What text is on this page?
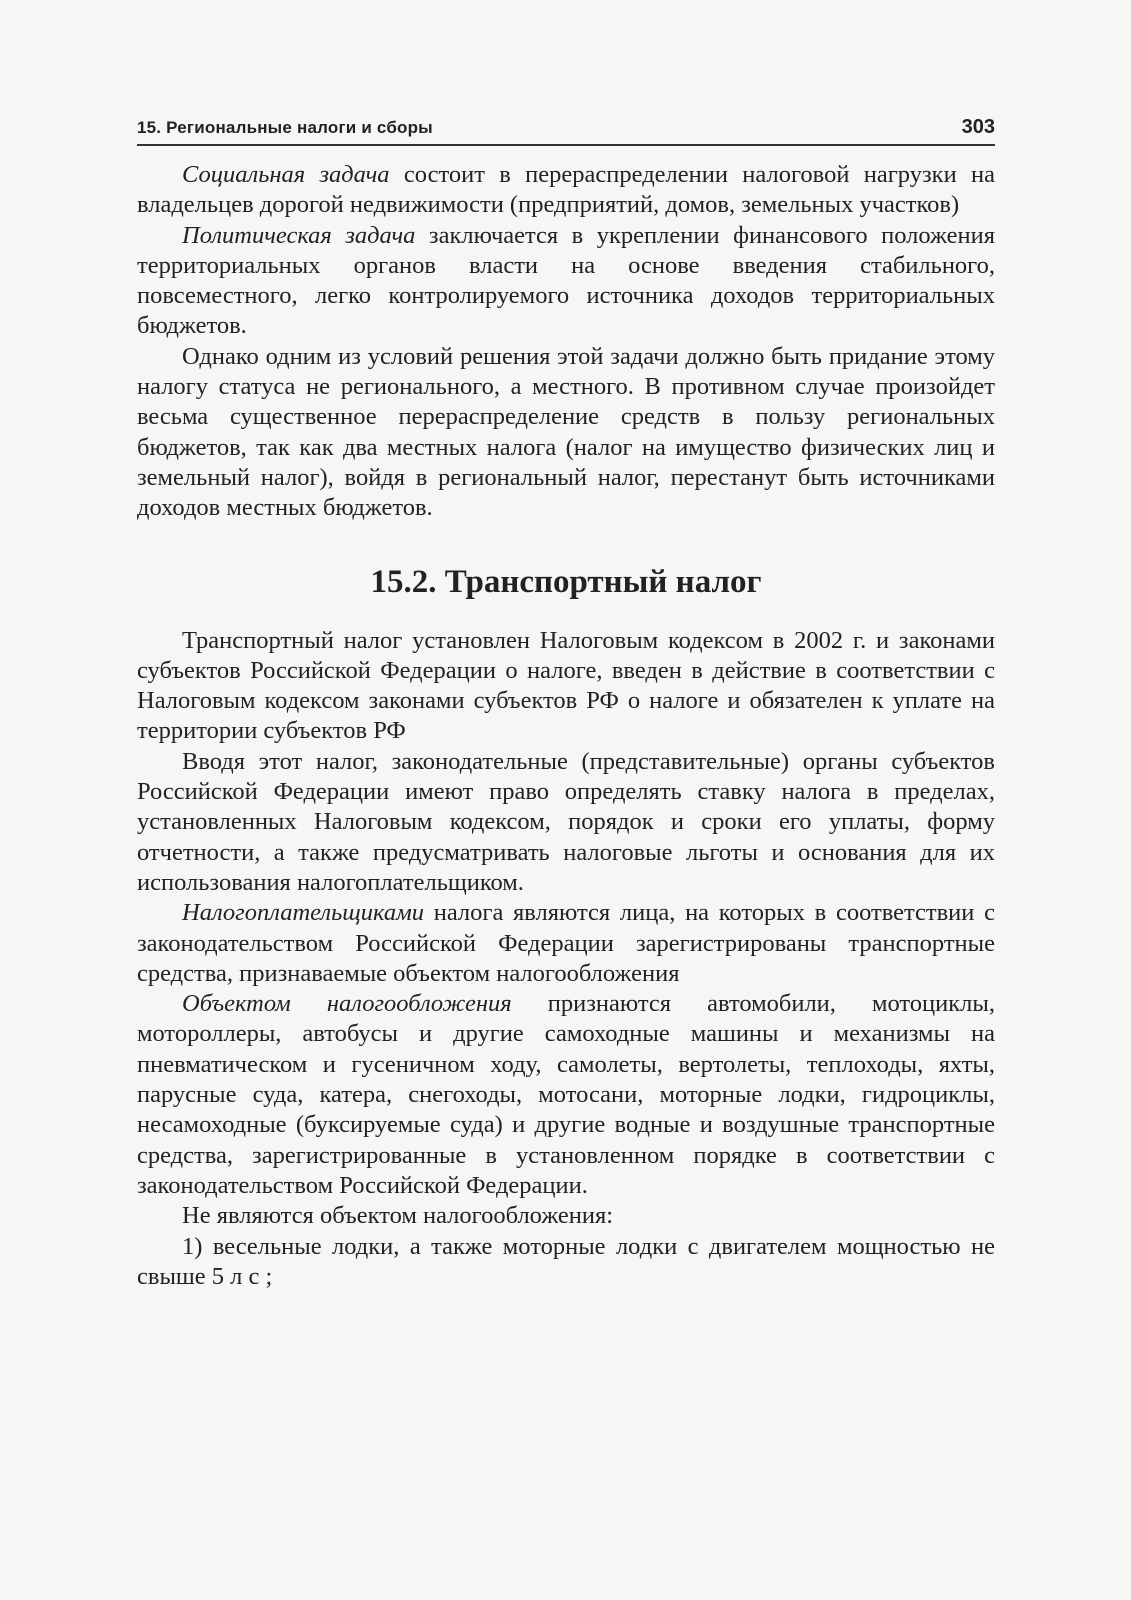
15. Региональные налоги и сборы	303

Социальная задача состоит в перераспределении налоговой нагрузки на владельцев дорогой недвижимости (предприятий, домов, земельных участков)

Политическая задача заключается в укреплении финансового положения территориальных органов власти на основе введения стабильного, повсеместного, легко контролируемого источника доходов территориальных бюджетов.

Однако одним из условий решения этой задачи должно быть придание этому налогу статуса не регионального, а местного. В противном случае произойдет весьма существенное перераспределение средств в пользу региональных бюджетов, так как два местных налога (налог на имущество физических лиц и земельный налог), войдя в региональный налог, перестанут быть источниками доходов местных бюджетов.

15.2. Транспортный налог

Транспортный налог установлен Налоговым кодексом в 2002 г. и законами субъектов Российской Федерации о налоге, введен в действие в соответствии с Налоговым кодексом законами субъектов РФ о налоге и обязателен к уплате на территории субъектов РФ

Вводя этот налог, законодательные (представительные) органы субъектов Российской Федерации имеют право определять ставку налога в пределах, установленных Налоговым кодексом, порядок и сроки его уплаты, форму отчетности, а также предусматривать налоговые льготы и основания для их использования налогоплательщиком.

Налогоплательщиками налога являются лица, на которых в соответствии с законодательством Российской Федерации зарегистрированы транспортные средства, признаваемые объектом налогообложения

Объектом налогообложения признаются автомобили, мотоциклы, мотороллеры, автобусы и другие самоходные машины и механизмы на пневматическом и гусеничном ходу, самолеты, вертолеты, теплоходы, яхты, парусные суда, катера, снегоходы, мотосани, моторные лодки, гидроциклы, несамоходные (буксируемые суда) и другие водные и воздушные транспортные средства, зарегистрированные в установленном порядке в соответствии с законодательством Российской Федерации.

Не являются объектом налогообложения:

1) весельные лодки, а также моторные лодки с двигателем мощностью не свыше 5 л с ;
